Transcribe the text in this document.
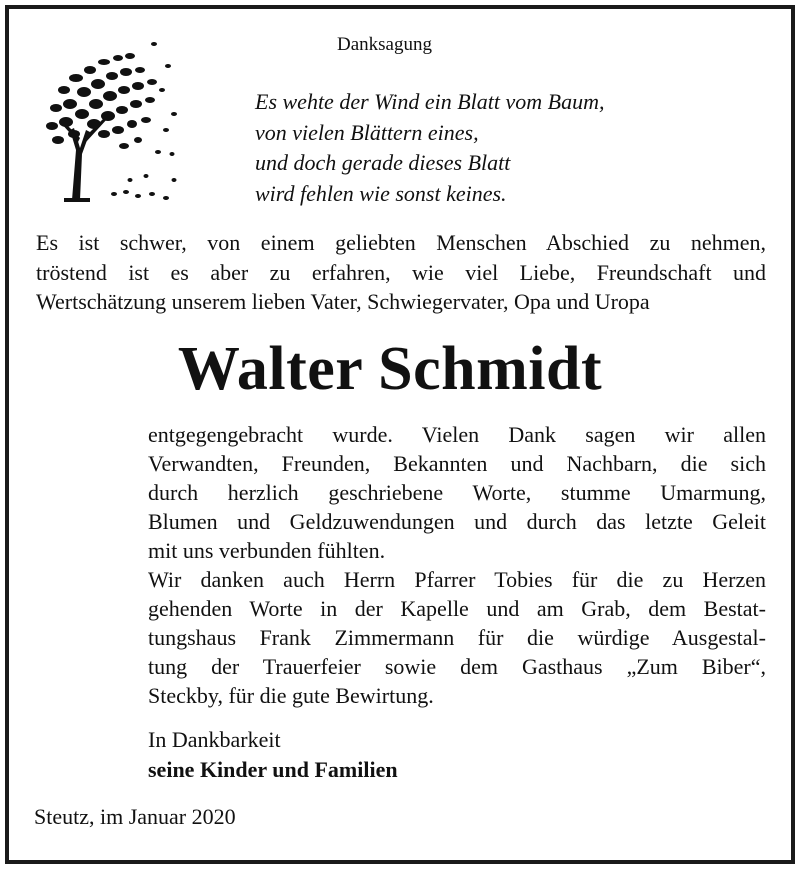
Danksagung
Es wehte der Wind ein Blatt vom Baum,
von vielen Blättern eines,
und doch gerade dieses Blatt
wird fehlen wie sonst keines.
Es ist schwer, von einem geliebten Menschen Abschied zu nehmen,
tröstend ist es aber zu erfahren, wie viel Liebe, Freundschaft und
Wertschätzung unserem lieben Vater, Schwiegervater, Opa und Uropa
Walter Schmidt
entgegengebracht wurde. Vielen Dank sagen wir allen
Verwandten, Freunden, Bekannten und Nachbarn, die sich
durch herzlich geschriebene Worte, stumme Umarmung,
Blumen und Geldzuwendungen und durch das letzte Geleit
mit uns verbunden fühlten.
Wir danken auch Herrn Pfarrer Tobies für die zu Herzen
gehenden Worte in der Kapelle und am Grab, dem Bestat-
tungshaus Frank Zimmermann für die würdige Ausgestal-
tung der Trauerfeier sowie dem Gasthaus „Zum Biber“,
Steckby, für die gute Bewirtung.
In Dankbarkeit
seine Kinder und Familien
Steutz, im Januar 2020
